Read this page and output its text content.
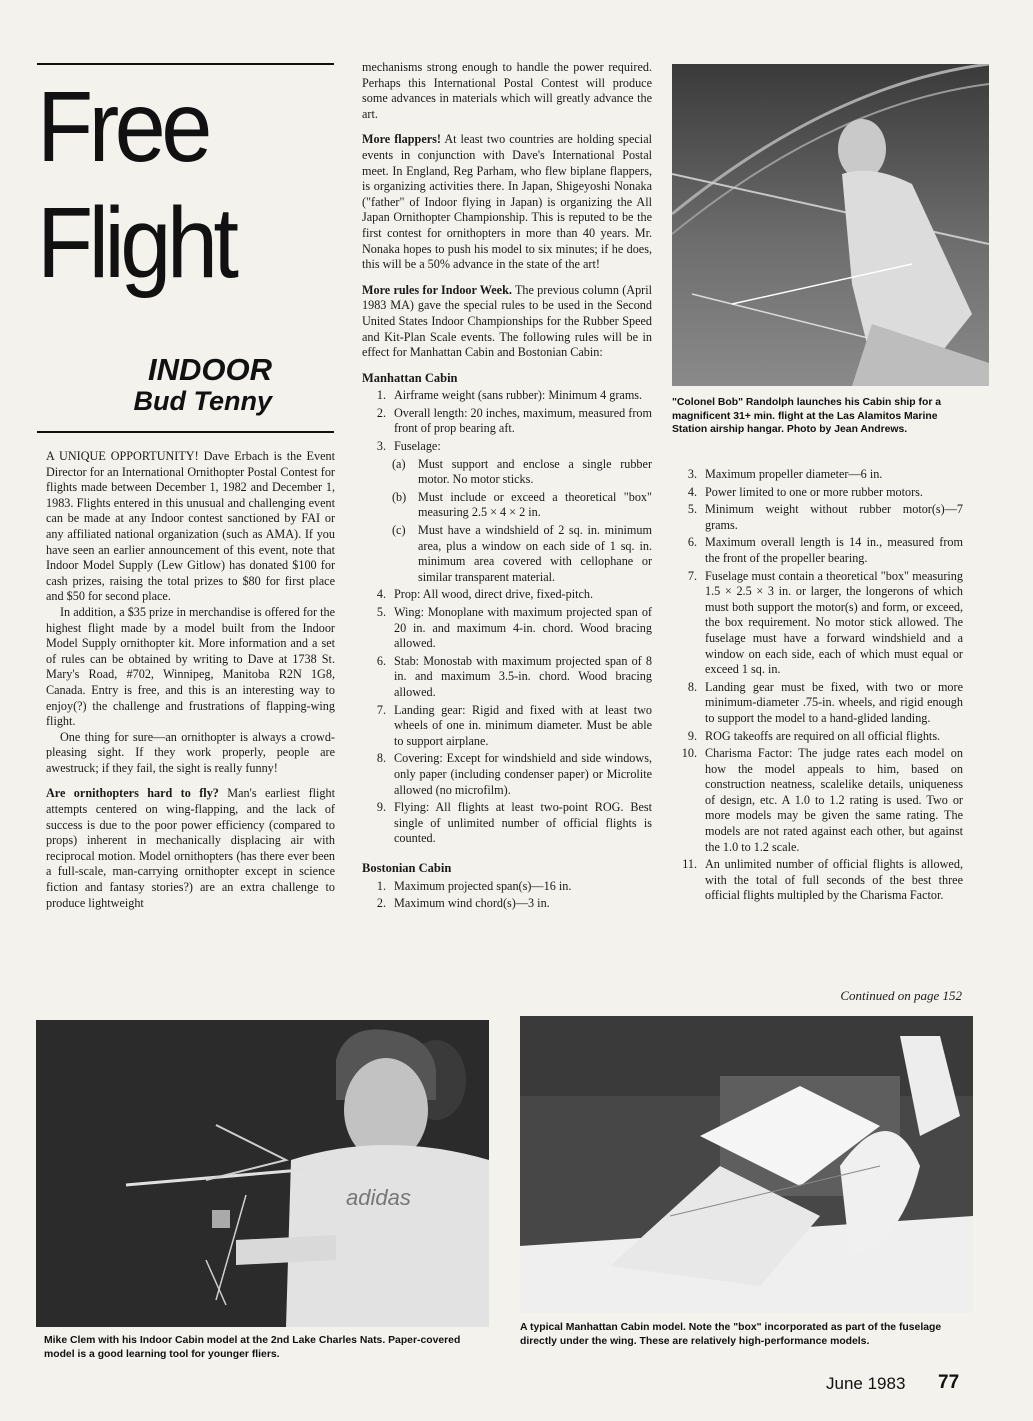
Free
Flight
INDOOR
Bud Tenny

A UNIQUE OPPORTUNITY! Dave Erbach is the Event Director for an International Ornithopter Postal Contest for flights made between December 1, 1982 and December 1, 1983. Flights entered in this unusual and challenging event can be made at any Indoor contest sanctioned by FAI or any affiliated national organization (such as AMA). If you have seen an earlier announcement of this event, note that Indoor Model Supply (Lew Gitlow) has donated $100 for cash prizes, raising the total prizes to $80 for first place and $50 for second place.

In addition, a $35 prize in merchandise is offered for the highest flight made by a model built from the Indoor Model Supply ornithopter kit. More information and a set of rules can be obtained by writing to Dave at 1738 St. Mary's Road, #702, Winnipeg, Manitoba R2N 1G8, Canada. Entry is free, and this is an interesting way to enjoy(?) the challenge and frustrations of flapping-wing flight.

One thing for sure—an ornithopter is always a crowd-pleasing sight. If they work properly, people are awestruck; if they fail, the sight is really funny!

Are ornithopters hard to fly? Man's earliest flight attempts centered on wing-flapping, and the lack of success is due to the poor power efficiency (compared to props) inherent in mechanically displacing air with reciprocal motion. Model ornithopters (has there ever been a full-scale, man-carrying ornithopter except in science fiction and fantasy stories?) are an extra challenge to produce lightweight

mechanisms strong enough to handle the power required. Perhaps this International Postal Contest will produce some advances in materials which will greatly advance the art.

More flappers! At least two countries are holding special events in conjunction with Dave's International Postal meet. In England, Reg Parham, who flew biplane flappers, is organizing activities there. In Japan, Shigeyoshi Nonaka ("father" of Indoor flying in Japan) is organizing the All Japan Ornithopter Championship. This is reputed to be the first contest for ornithopters in more than 40 years. Mr. Nonaka hopes to push his model to six minutes; if he does, this will be a 50% advance in the state of the art!

More rules for Indoor Week. The previous column (April 1983 MA) gave the special rules to be used in the Second United States Indoor Championships for the Rubber Speed and Kit-Plan Scale events. The following rules will be in effect for Manhattan Cabin and Bostonian Cabin:

Manhattan Cabin
1. Airframe weight (sans rubber): Minimum 4 grams.
2. Overall length: 20 inches, maximum, measured from front of prop bearing aft.
3. Fuselage:
(a) Must support and enclose a single rubber motor. No motor sticks.
(b) Must include or exceed a theoretical "box" measuring 2.5 × 4 × 2 in.
(c) Must have a windshield of 2 sq. in. minimum area, plus a window on each side of 1 sq. in. minimum area covered with cellophane or similar transparent material.
4. Prop: All wood, direct drive, fixed-pitch.
5. Wing: Monoplane with maximum projected span of 20 in. and maximum 4-in. chord. Wood bracing allowed.
6. Stab: Monostab with maximum projected span of 8 in. and maximum 3.5-in. chord. Wood bracing allowed.
7. Landing gear: Rigid and fixed with at least two wheels of one in. minimum diameter. Must be able to support airplane.
8. Covering: Except for windshield and side windows, only paper (including condenser paper) or Microlite allowed (no microfilm).
9. Flying: All flights at least two-point ROG. Best single of unlimited number of official flights is counted.
Bostonian Cabin
1. Maximum projected span(s)—16 in.
2. Maximum wind chord(s)—3 in.
"Colonel Bob" Randolph launches his Cabin ship for a magnificent 31+ min. flight at the Las Alamitos Marine Station airship hangar. Photo by Jean Andrews.
3. Maximum propeller diameter—6 in.
4. Power limited to one or more rubber motors.
5. Minimum weight without rubber motor(s)—7 grams.
6. Maximum overall length is 14 in., measured from the front of the propeller bearing.
7. Fuselage must contain a theoretical "box" measuring 1.5 × 2.5 × 3 in. or larger, the longerons of which must both support the motor(s) and form, or exceed, the box requirement. No motor stick allowed. The fuselage must have a forward windshield and a window on each side, each of which must equal or exceed 1 sq. in.
8. Landing gear must be fixed, with two or more minimum-diameter .75-in. wheels, and rigid enough to support the model to a hand-glided landing.
9. ROG takeoffs are required on all official flights.
10. Charisma Factor: The judge rates each model on how the model appeals to him, based on construction neatness, scalelike details, uniqueness of design, etc. A 1.0 to 1.2 rating is used. Two or more models may be given the same rating. The models are not rated against each other, but against the 1.0 to 1.2 scale.
11. An unlimited number of official flights is allowed, with the total of full seconds of the best three official flights multipled by the Charisma Factor.
Continued on page 152
adidas
Mike Clem with his Indoor Cabin model at the 2nd Lake Charles Nats. Paper-covered model is a good learning tool for younger fliers.
A typical Manhattan Cabin model. Note the "box" incorporated as part of the fuselage directly under the wing. These are relatively high-performance models.
June 1983 77
